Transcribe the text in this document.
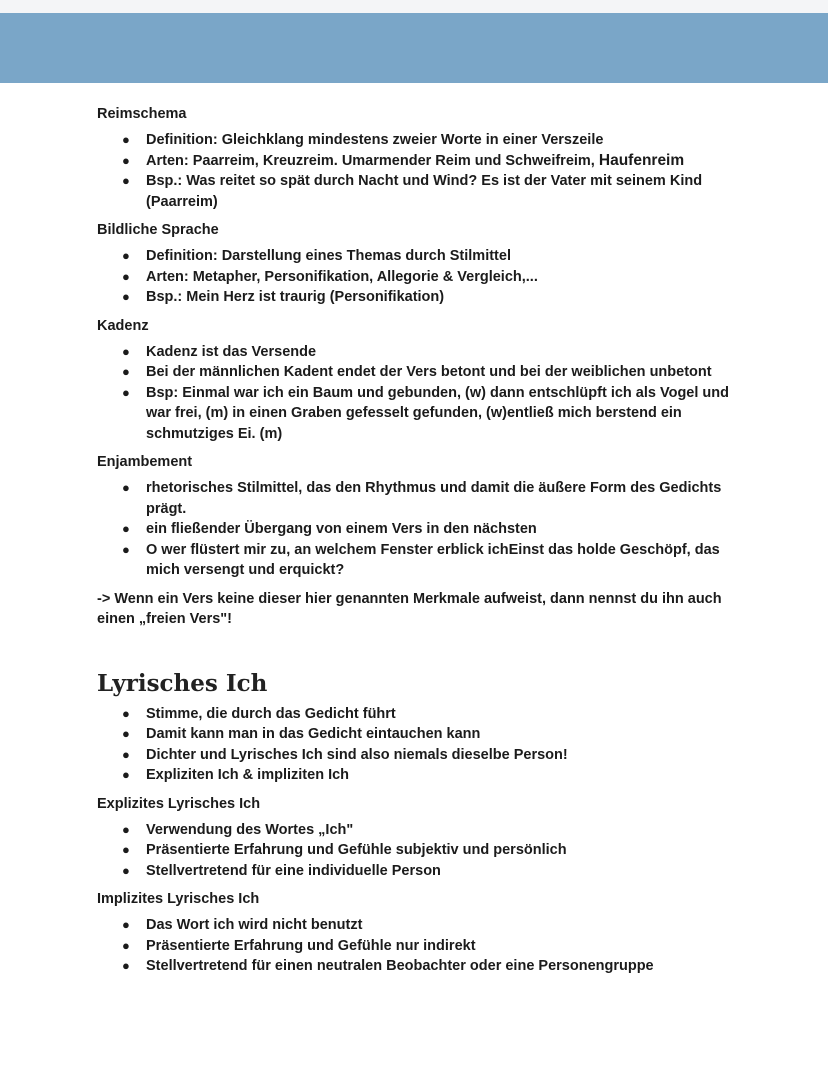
Reimschema

● Definition: Gleichklang mindestens zweier Worte in einer Verszeile
● Arten: Paarreim, Kreuzreim. Umarmender Reim und Schweifreim, Haufenreim
● Bsp.: Was reitet so spät durch Nacht und Wind? Es ist der Vater mit seinem Kind (Paarreim)

Bildliche Sprache

● Definition: Darstellung eines Themas durch Stilmittel
● Arten: Metapher, Personifikation, Allegorie & Vergleich,...
● Bsp.: Mein Herz ist traurig (Personifikation)

Kadenz

● Kadenz ist das Versende
● Bei der männlichen Kadent endet der Vers betont und bei der weiblichen unbetont
● Bsp: Einmal war ich ein Baum und gebunden, (w) dann entschlüpft ich als Vogel und war frei, (m) in einen Graben gefesselt gefunden, (w)entließ mich berstend ein schmutziges Ei. (m)

Enjambement

● rhetorisches Stilmittel, das den Rhythmus und damit die äußere Form des Gedichts prägt.
● ein fließender Übergang von einem Vers in den nächsten
● O wer flüstert mir zu, an welchem Fenster erblick ichEinst das holde Geschöpf, das mich versengt und erquickt?

-> Wenn ein Vers keine dieser hier genannten Merkmale aufweist, dann nennst du ihn auch einen „freien Vers"!

Lyrisches Ich
● Stimme, die durch das Gedicht führt
● Damit kann man in das Gedicht eintauchen kann
● Dichter und Lyrisches Ich sind also niemals dieselbe Person!
● Expliziten Ich & impliziten Ich

Explizites Lyrisches Ich

● Verwendung des Wortes „Ich"
● Präsentierte Erfahrung und Gefühle subjektiv und persönlich
● Stellvertretend für eine individuelle Person

Implizites Lyrisches Ich

● Das Wort ich wird nicht benutzt
● Präsentierte Erfahrung und Gefühle nur indirekt
● Stellvertretend für einen neutralen Beobachter oder eine Personengruppe
